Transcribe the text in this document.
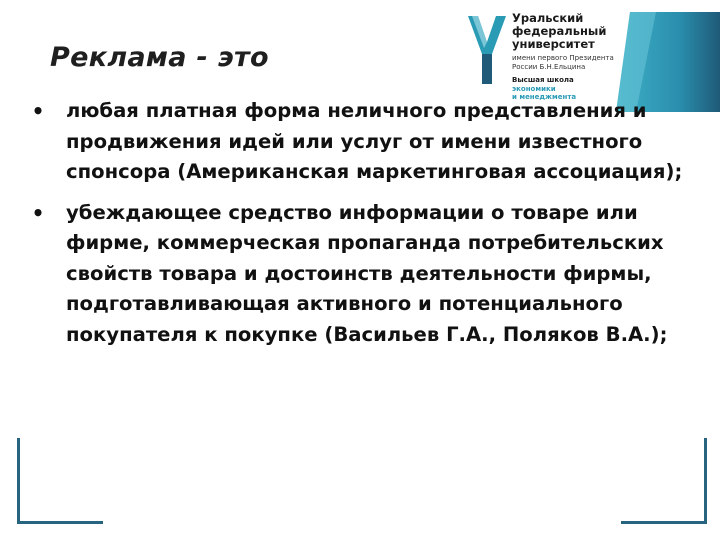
Реклама - это
Уральский
федеральный
университет
имени первого Президента
России Б.Н.Ельцина
Высшая школа
экономики
и менеджмента
• любая платная форма неличного представления и продвижения идей или услуг от имени известного спонсора (Американская маркетинговая ассоциация);
• убеждающее средство информации о товаре или фирме, коммерческая пропаганда потребительских свойств товара и достоинств деятельности фирмы, подготавливающая активного и потенциального покупателя к покупке (Васильев Г.А., Поляков В.А.);
